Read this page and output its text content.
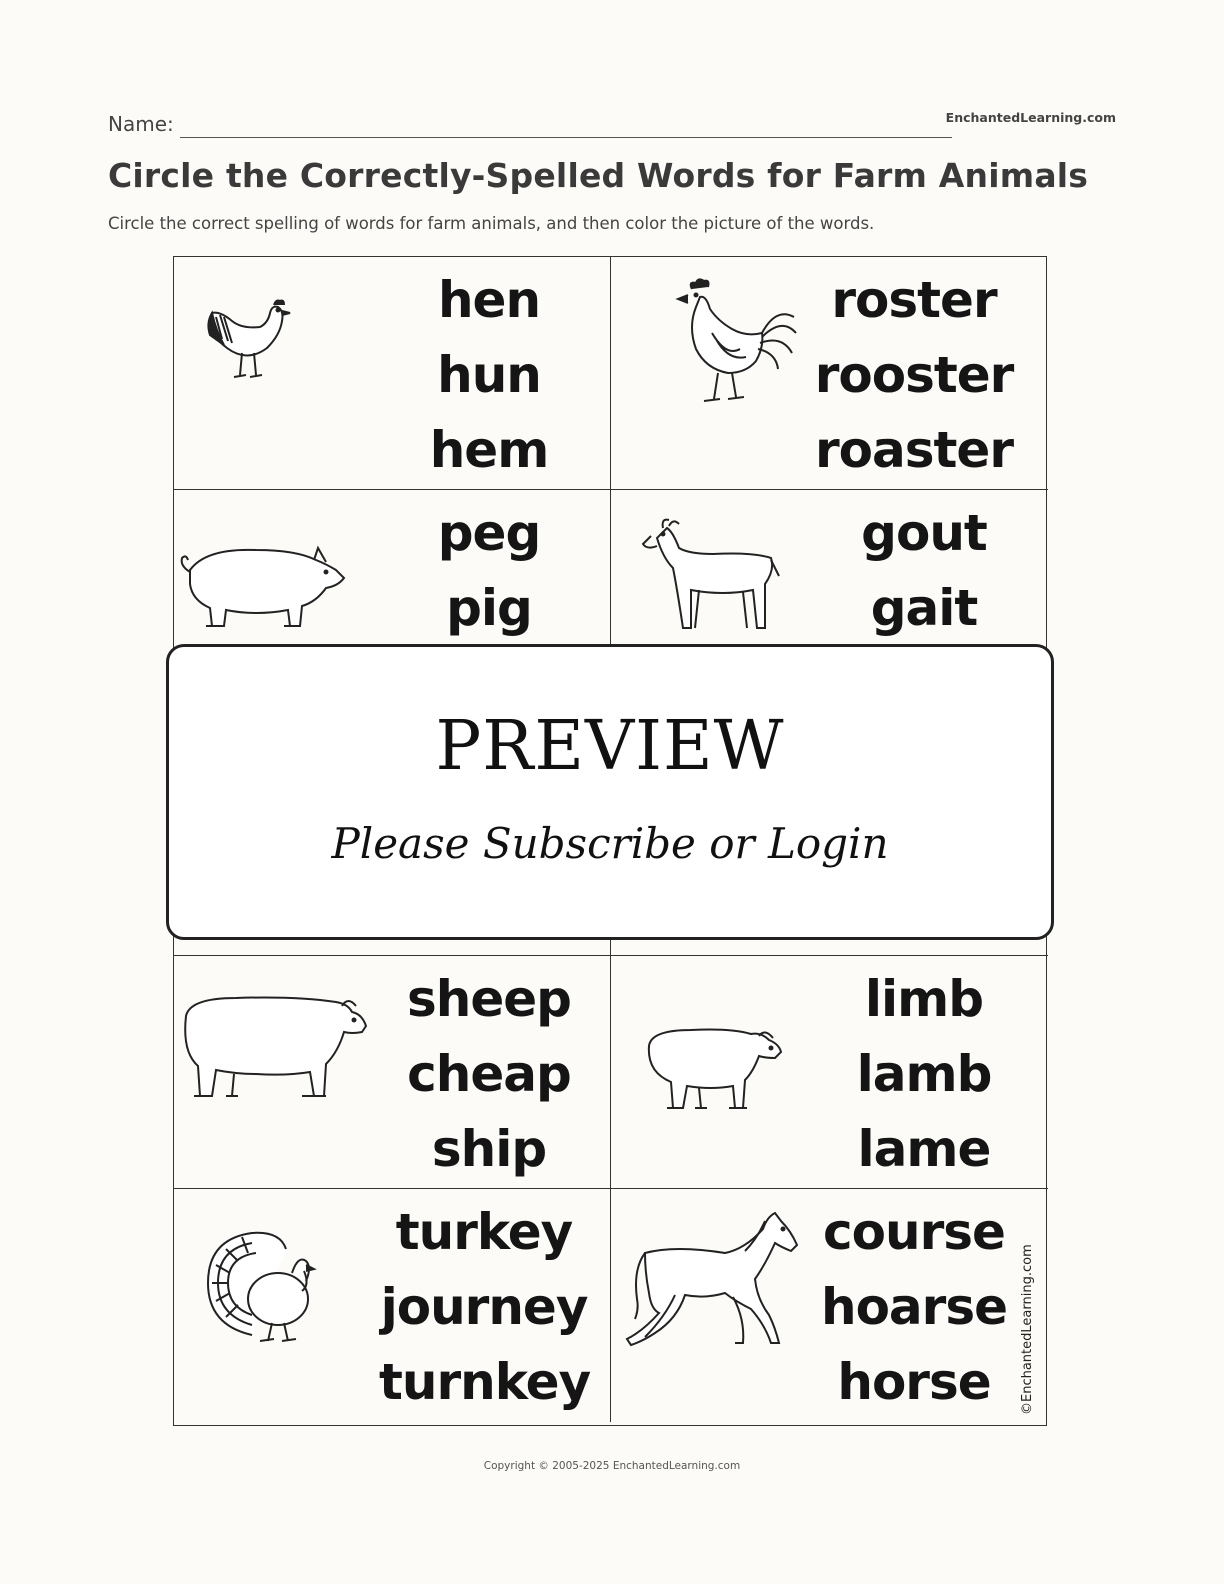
Name:	EnchantedLearning.com
Circle the Correctly-Spelled Words for Farm Animals
Circle the correct spelling of words for farm animals, and then color the picture of the words.
hen
hun
hem
roster
rooster
roaster
peg
pig
gout
gait
sheep
cheap
ship
limb
lamb
lame
turkey
journey
turnkey
course
hoarse
horse	©EnchantedLearning.com
PREVIEW
Please Subscribe or Login
Copyright © 2005-2025 EnchantedLearning.com
